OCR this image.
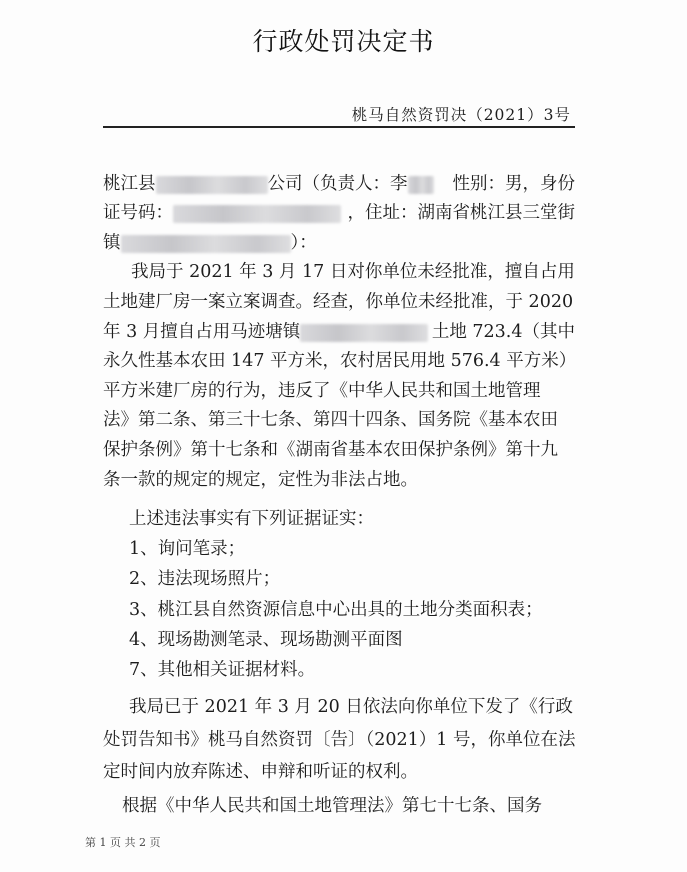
行政处罚决定书
桃马自然资罚决（2021）3号
桃江县	公司（负责人：李	性别：男，身份
证号码：	，住址：湖南省桃江县三堂街
镇	）：
我局于 2021 年 3 月 17 日对你单位未经批准，擅自占用
土地建厂房一案立案调查。经查，你单位未经批准，于 2020
年 3 月擅自占用马迹塘镇	土地 723.4（其中
永久性基本农田 147 平方米，农村居民用地 576.4 平方米）
平方米建厂房的行为，违反了《中华人民共和国土地管理
法》第二条、第三十七条、第四十四条、国务院《基本农田
保护条例》第十七条和《湖南省基本农田保护条例》第十九
条一款的规定的规定，定性为非法占地。
上述违法事实有下列证据证实：
1、询问笔录；
2、违法现场照片；
3、桃江县自然资源信息中心出具的土地分类面积表；
4、现场勘测笔录、现场勘测平面图
7、其他相关证据材料。
我局已于 2021 年 3 月 20 日依法向你单位下发了《行政
处罚告知书》桃马自然资罚〔告〕（2021）1 号，你单位在法
定时间内放弃陈述、申辩和听证的权利。
根据《中华人民共和国土地管理法》第七十七条、国务
第 1 页 共 2 页
